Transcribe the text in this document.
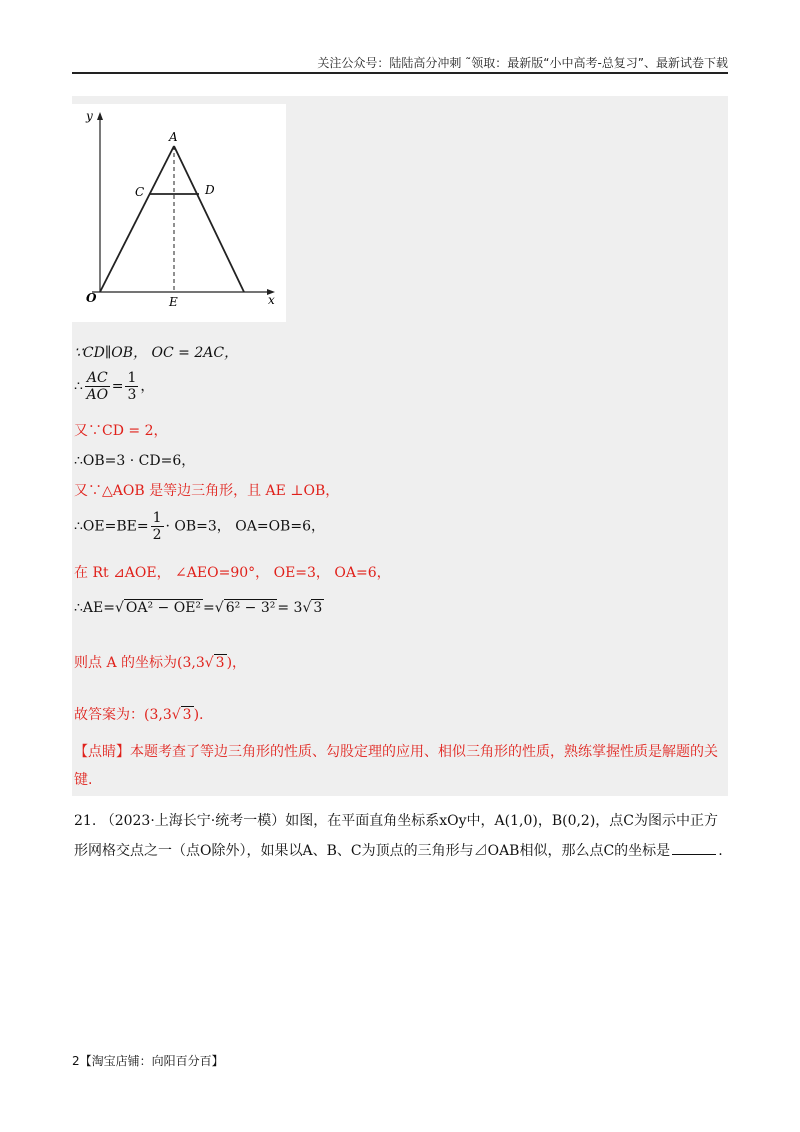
关注公众号：陆陆高分冲刺 ˜领取：最新版“小中高考-总复习”、最新试卷下载
y
x
A
C	D
O	E
∵CD∥OB， OC = 2AC，
∴ $\frac{AC}{AO} = \frac{1}{3}$ ，
又∵CD = 2，
∴OB=3 · CD=6，
又∵△AOB 是等边三角形，且 AE ⊥OB，
∴OE=BE= $\frac{1}{2} \cdot OB=3$， OA=OB=6，
在 Rt ⊿AOE， ∠AEO=90°， OE=3， OA=6，
∴AE=√ OA² − OE² =√ 6² − 3² = 3√ 3
则点 A 的坐标为(3,3√ 3 )，
故答案为：(3,3√ 3 ).
【点睛】本题考查了等边三角形的性质、勾股定理的应用、相似三角形的性质，熟练掌握性质是解题的关键.
21. （2023·上海长宁·统考一模）如图，在平面直角坐标系xOy中，A(1,0)，B(0,2)，点C为图示中正方
形网格交点之一（点O除外），如果以A、B、C为顶点的三角形与⊿OAB相似，那么点C的坐标是	.
2【淘宝店铺：向阳百分百】
